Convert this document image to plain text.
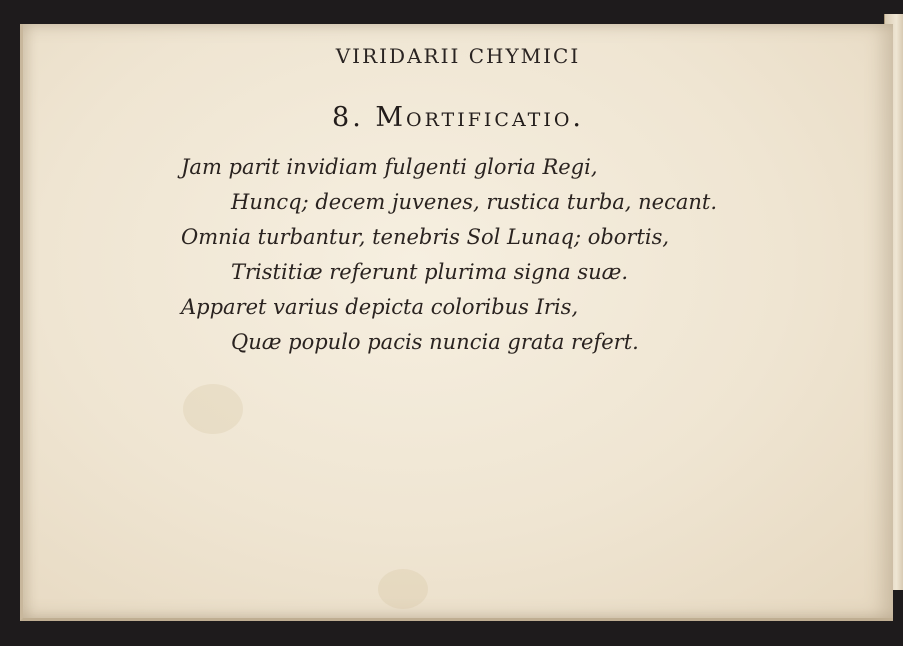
VIRIDARII CHYMICI
8. Mortificatio.
Jam parit invidiam fulgenti gloria Regi,
Huncq; decem juvenes, rustica turba, necant.
Omnia turbantur, tenebris Sol Lunaq; obortis,
Tristitiæ referunt plurima signa suæ.
Apparet varius depicta coloribus Iris,
Quæ populo pacis nuncia grata refert.
